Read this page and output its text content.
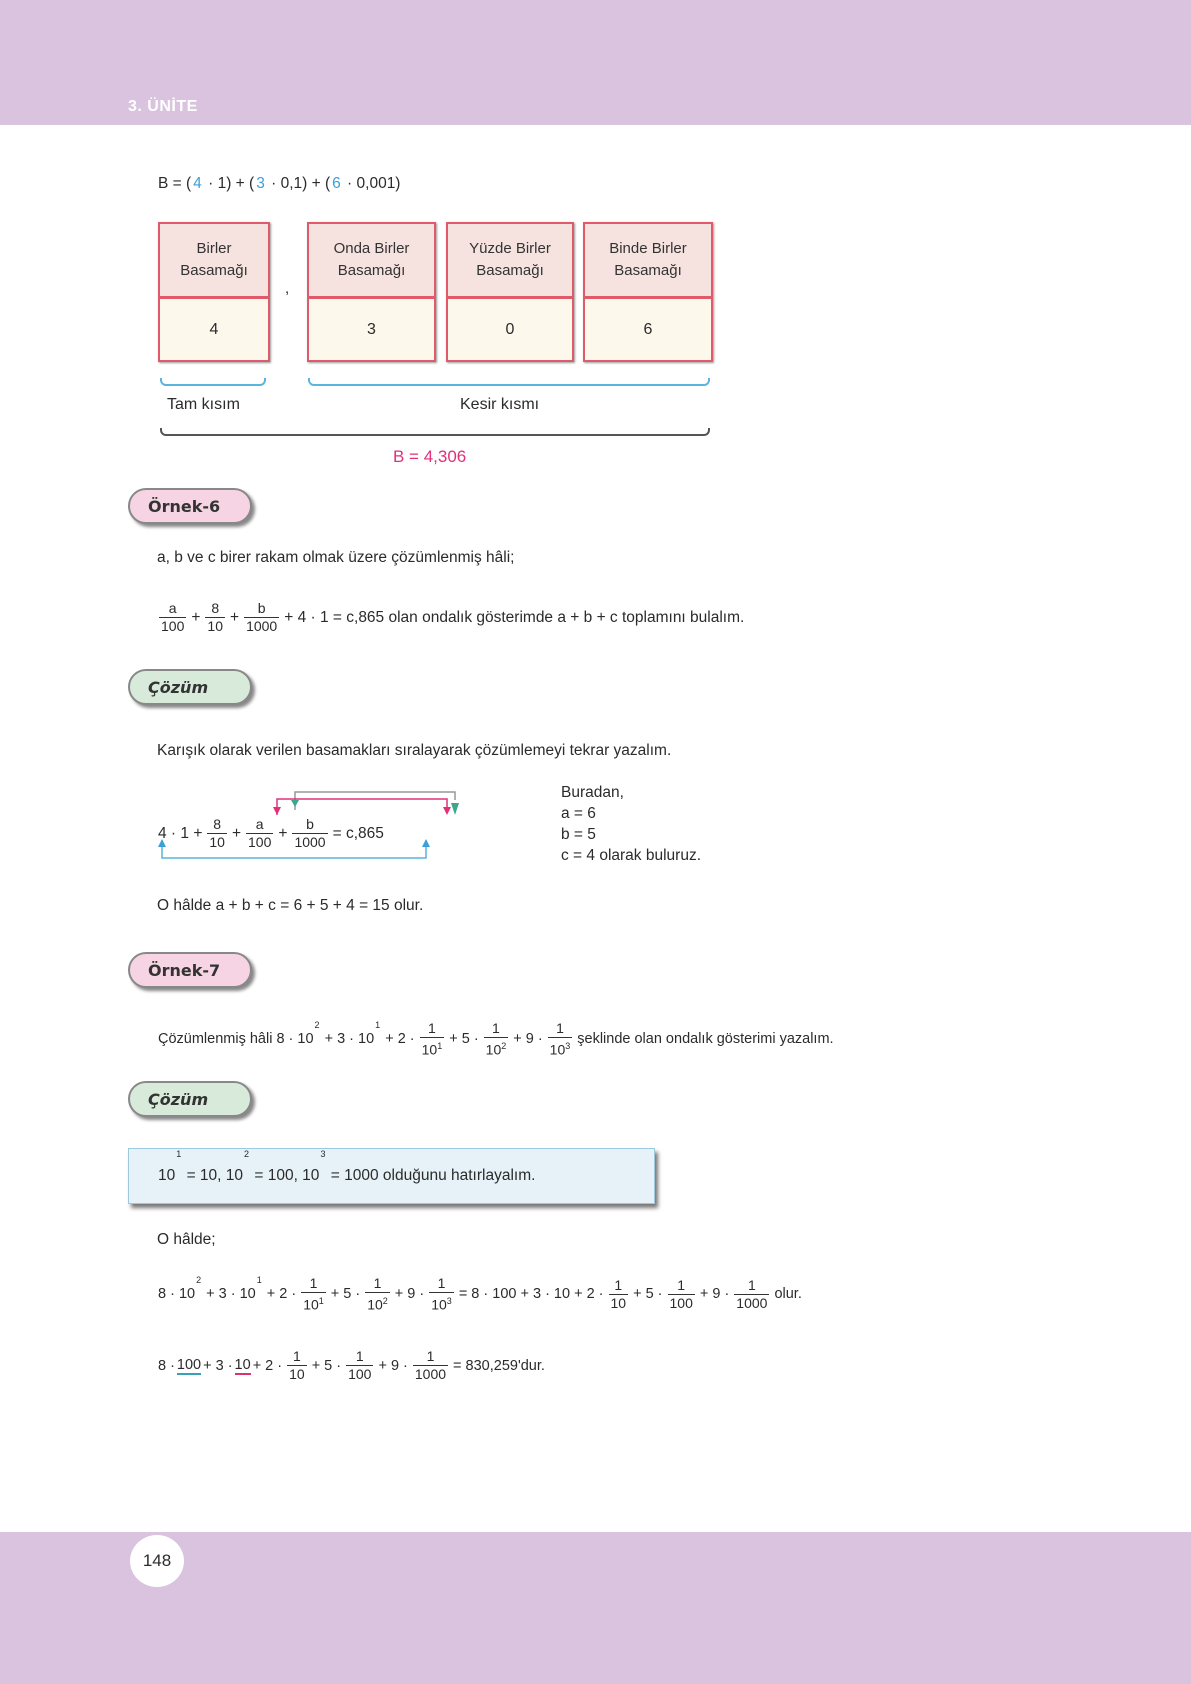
3. ÜNİTE
B = ( 4 · 1) + ( 3 · 0,1) + ( 6 · 0,001)
Birler
Basamağı
4
,
Onda Birler
Basamağı
3
Yüzde Birler
Basamağı
0
Binde Birler
Basamağı
6
Tam kısım	Kesir kısmı
B = 4,306
Örnek-6
a, b ve c birer rakam olmak üzere çözümlenmiş hâli;
$\frac{a}{100} + \frac{8}{10} + \frac{b}{1000} + 4 \cdot 1 = c,865$ olan ondalık gösterimde a + b + c toplamını bulalım.
Çözüm
Karışık olarak verilen basamakları sıralayarak çözümlemeyi tekrar yazalım.
$4 \cdot 1 + \frac{8}{10} + \frac{a}{100} + \frac{b}{1000} = c,865$
Buradan,
a = 6
b = 5
c = 4 olarak buluruz.
O hâlde a + b + c = 6 + 5 + 4 = 15 olur.
Örnek-7
Çözümlenmiş hâli 8 · 10
2
+ 3 · 10
1
+ $2 \cdot \frac{1}{10^1} + 5 \cdot \frac{1}{10^2} + 9 \cdot \frac{1}{10^3}$ şeklinde olan ondalık gösterimi yazalım.
Çözüm
10
1
= 10, 10
2
= 100, 10
3
= 1000 olduğunu hatırlayalım.
O hâlde;
8 · 10
2
+ 3 · 10
1
+ $2 \cdot \frac{1}{10^1} + 5 \cdot \frac{1}{10^2} + 9 \cdot \frac{1}{10^3} = 8 \cdot 100 + 3 \cdot 10 + 2 \cdot \frac{1}{10} + 5 \cdot \frac{1}{100} + 9 \cdot \frac{1}{1000}$ olur.
$8 \cdot 100 + 3 \cdot 10 + 2 \cdot \frac{1}{10} + 5 \cdot \frac{1}{100} + 9 \cdot \frac{1}{1000} = 830,259'dur$.
148
